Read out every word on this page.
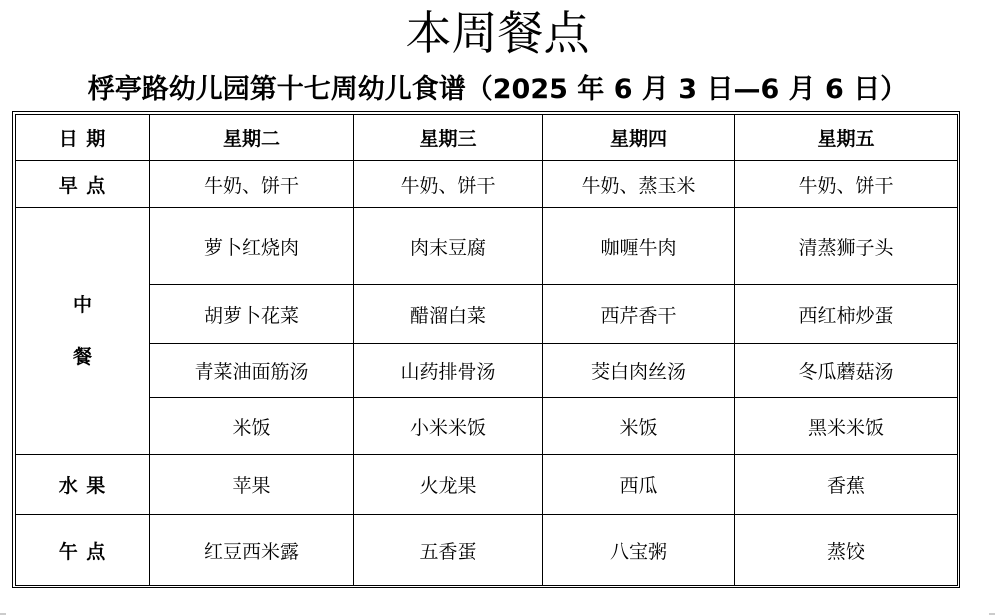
本周餐点
桴亭路幼儿园第十七周幼儿食谱（2025 年 6 月 3 日—6 月 6 日）
日 期	星期二	星期三	星期四	星期五
早 点	牛奶、饼干	牛奶、饼干	牛奶、蒸玉米	牛奶、饼干

中
餐	萝卜红烧肉	肉末豆腐	咖喱牛肉	清蒸狮子头
	胡萝卜花菜	醋溜白菜	西芹香干	西红柿炒蛋
	青菜油面筋汤	山药排骨汤	茭白肉丝汤	冬瓜蘑菇汤
	米饭	小米米饭	米饭	黑米米饭
水 果	苹果	火龙果	西瓜	香蕉
午 点	红豆西米露	五香蛋	八宝粥	蒸饺
